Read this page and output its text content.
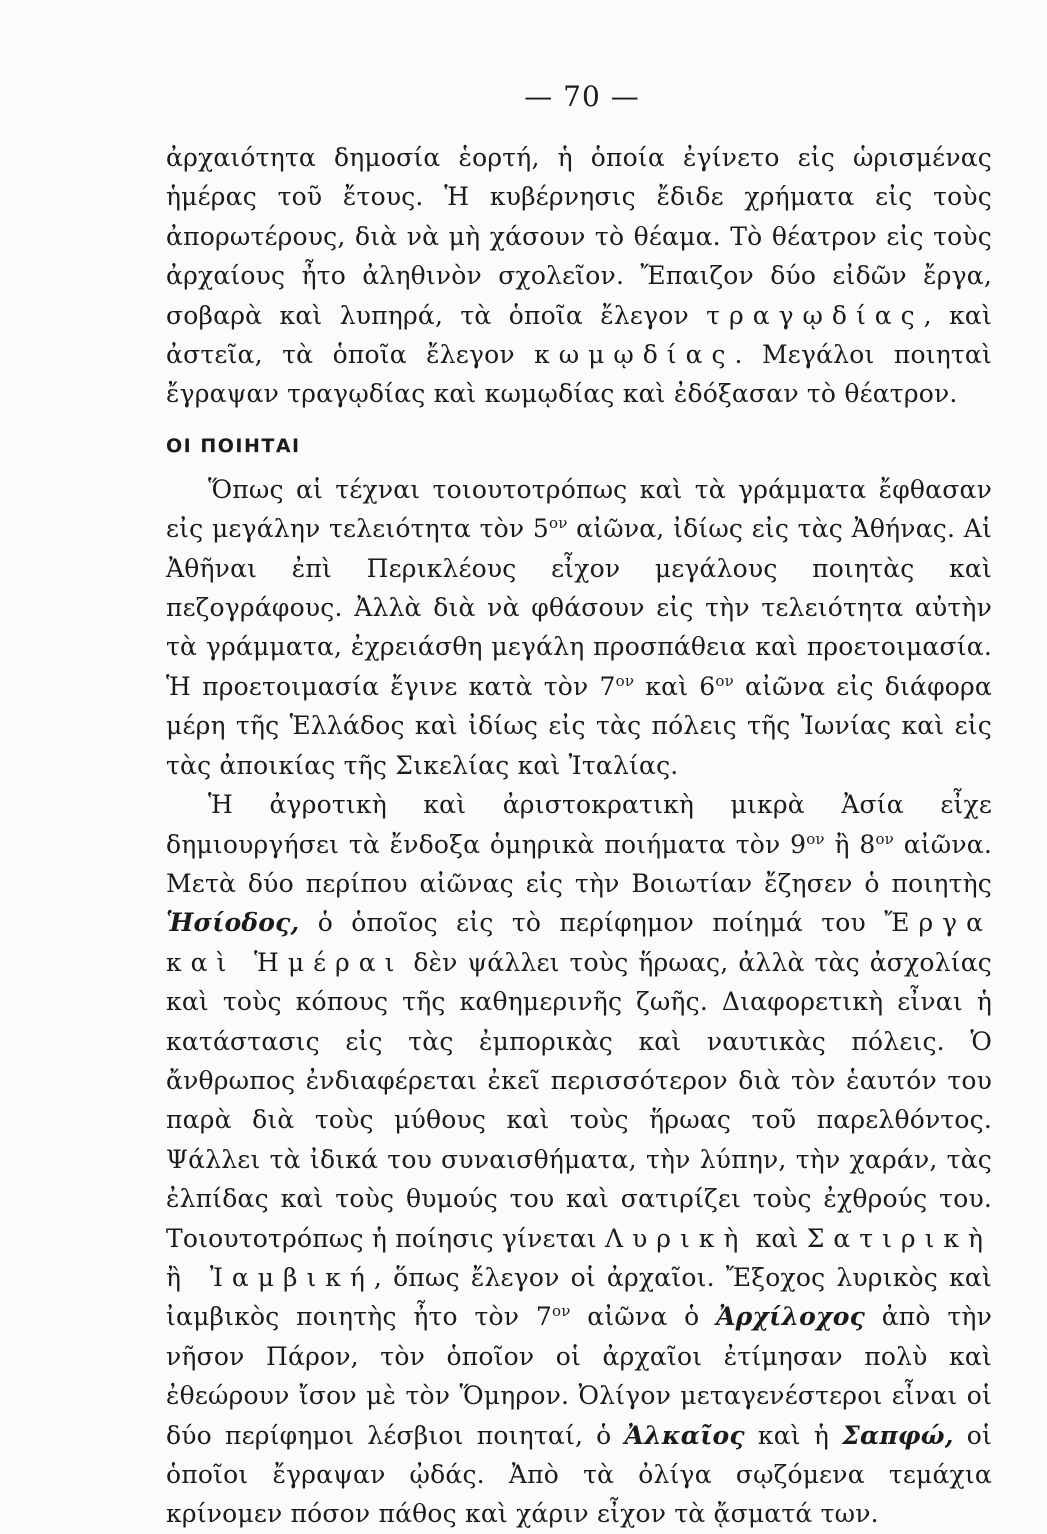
— 70 —

ἀρχαιότητα δημοσία ἑορτή, ἡ ὁποία ἐγίνετο εἰς ὡρισμένας ἡμέρας τοῦ ἔτους. Ἡ κυβέρνησις ἔδιδε χρήματα εἰς τοὺς ἀπορωτέρους, διὰ νὰ μὴ χάσουν τὸ θέαμα. Τὸ θέατρον εἰς τοὺς ἀρχαίους ἦτο ἀληθινὸν σχολεῖον. Ἔπαιζον δύο εἰδῶν ἔργα, σοβαρὰ καὶ λυπηρά, τὰ ὁποῖα ἔλεγον τραγῳδίας, καὶ ἀστεῖα, τὰ ὁποῖα ἔλεγον κωμῳδίας. Μεγάλοι ποιηταὶ ἔγραψαν τραγῳδίας καὶ κωμῳδίας καὶ ἐδόξασαν τὸ θέατρον.

ΟΙ ΠΟΙΗΤΑΙ

Ὅπως αἱ τέχναι τοιουτοτρόπως καὶ τὰ γράμματα ἔφθασαν εἰς μεγάλην τελειότητα τὸν $5^{o\nu}$ αἰῶνα, ἰδίως εἰς τὰς Ἀθήνας. Αἱ Ἀθῆναι ἐπὶ Περικλέους εἶχον μεγάλους ποιητὰς καὶ πεζογράφους. Ἀλλὰ διὰ νὰ φθάσουν εἰς τὴν τελειότητα αὐτὴν τὰ γράμματα, ἐχρειάσθη μεγάλη προσπάθεια καὶ προετοιμασία. Ἡ προετοιμασία ἔγινε κατὰ τὸν $7^{o\nu}$ καὶ $6^{o\nu}$ αἰῶνα εἰς διάφορα μέρη τῆς Ἑλλάδος καὶ ἰδίως εἰς τὰς πόλεις τῆς Ἰωνίας καὶ εἰς τὰς ἀποικίας τῆς Σικελίας καὶ Ἰταλίας.

Ἡ ἀγροτικὴ καὶ ἀριστοκρατικὴ μικρὰ Ἀσία εἶχε δημιουργήσει τὰ ἔνδοξα ὁμηρικὰ ποιήματα τὸν $9^{o\nu}$ ἢ $8^{o\nu}$ αἰῶνα. Μετὰ δύο περίπου αἰῶνας εἰς τὴν Βοιωτίαν ἔζησεν ὁ ποιητὴς Ἡσίοδος, ὁ ὁποῖος εἰς τὸ περίφημον ποίημά του Ἔργα καὶ Ἡμέραι δὲν ψάλλει τοὺς ἥρωας, ἀλλὰ τὰς ἀσχολίας καὶ τοὺς κόπους τῆς καθημερινῆς ζωῆς. Διαφορετικὴ εἶναι ἡ κατάστασις εἰς τὰς ἐμπορικὰς καὶ ναυτικὰς πόλεις. Ὁ ἄνθρωπος ἐνδιαφέρεται ἐκεῖ περισσότερον διὰ τὸν ἑαυτόν του παρὰ διὰ τοὺς μύθους καὶ τοὺς ἥρωας τοῦ παρελθόντος. Ψάλλει τὰ ἰδικά του συναισθήματα, τὴν λύπην, τὴν χαράν, τὰς ἐλπίδας καὶ τοὺς θυμούς του καὶ σατιρίζει τοὺς ἐχθρούς του. Τοιουτοτρόπως ἡ ποίησις γίνεται Λυρικὴ καὶ Σατιρικὴ ἢ Ἰαμβική, ὅπως ἔλεγον οἱ ἀρχαῖοι. Ἔξοχος λυρικὸς καὶ ἰαμβικὸς ποιητὴς ἦτο τὸν $7^{o\nu}$ αἰῶνα ὁ Ἀρχίλοχος ἀπὸ τὴν νῆσον Πάρον, τὸν ὁποῖον οἱ ἀρχαῖοι ἐτίμησαν πολὺ καὶ ἐθεώρουν ἴσον μὲ τὸν Ὅμηρον. Ὀλίγον μεταγενέστεροι εἶναι οἱ δύο περίφημοι λέσβιοι ποιηταί, ὁ Ἀλκαῖος καὶ ἡ Σαπφώ, οἱ ὁποῖοι ἔγραψαν ᾠδάς. Ἀπὸ τὰ ὀλίγα σῳζόμενα τεμάχια κρίνομεν πόσον πάθος καὶ χάριν εἶχον τὰ ᾄσματά των.
